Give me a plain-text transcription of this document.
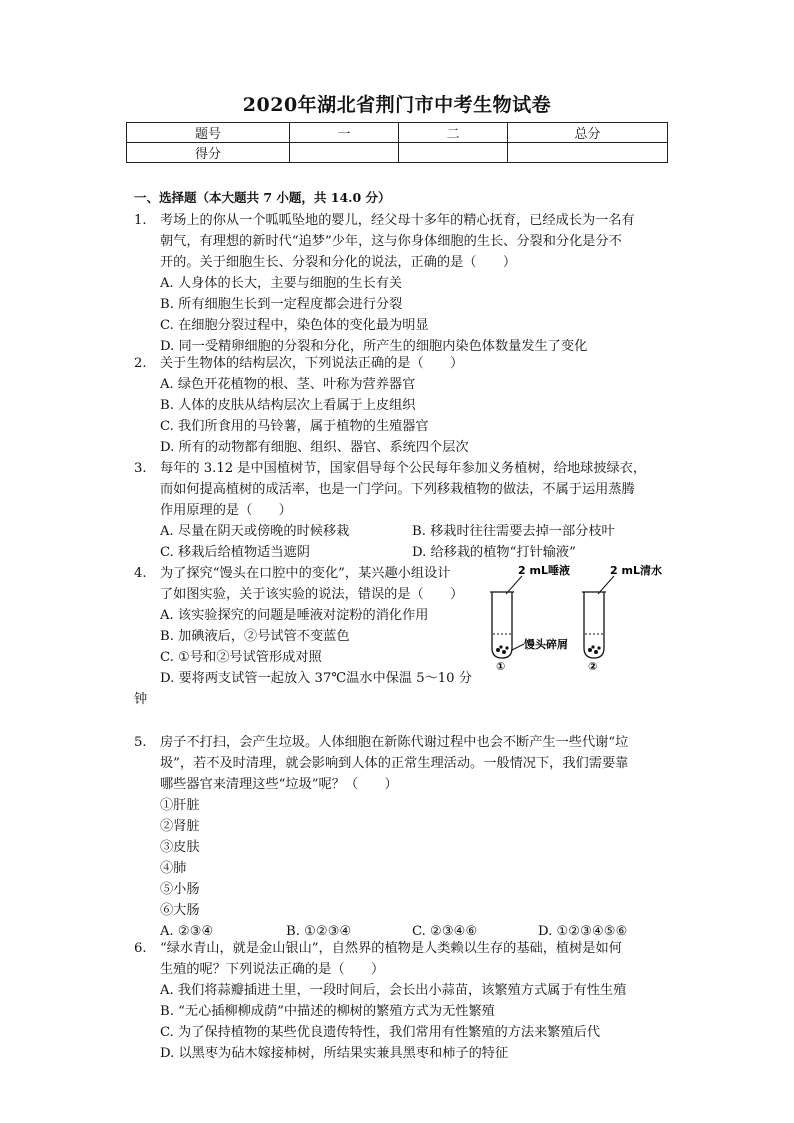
2020年湖北省荆门市中考生物试卷
题号	一	二	总分
得分			
一、选择题（本大题共 7 小题，共 14.0 分）
1.	考场上的你从一个呱呱坠地的婴儿，经父母十多年的精心抚育，已经成长为一名有
朝气，有理想的新时代“追梦”少年，这与你身体细胞的生长、分裂和分化是分不
开的。关于细胞生长、分裂和分化的说法，正确的是（　　）
A. 人身体的长大，主要与细胞的生长有关
B. 所有细胞生长到一定程度都会进行分裂
C. 在细胞分裂过程中，染色体的变化最为明显
D. 同一受精卵细胞的分裂和分化，所产生的细胞内染色体数量发生了变化
2.	关于生物体的结构层次，下列说法正确的是（　　）
A. 绿色开花植物的根、茎、叶称为营养器官
B. 人体的皮肤从结构层次上看属于上皮组织
C. 我们所食用的马铃薯，属于植物的生殖器官
D. 所有的动物都有细胞、组织、器官、系统四个层次
3.	每年的 3.12 是中国植树节，国家倡导每个公民每年参加义务植树，给地球披绿衣，
而如何提高植树的成活率，也是一门学问。下列移栽植物的做法，不属于运用蒸腾
作用原理的是（　　）
A. 尽量在阴天或傍晚的时候移栽	B. 移栽时往往需要去掉一部分枝叶
C. 移栽后给植物适当遮阴	D. 给移栽的植物“打针输液”
4.	为了探究“馒头在口腔中的变化”，某兴趣小组设计
了如图实验，关于该实验的说法，错误的是（　　）
A. 该实验探究的问题是唾液对淀粉的消化作用
B. 加碘液后，②号试管不变蓝色
C. ①号和②号试管形成对照
D. 要将两支试管一起放入 37℃温水中保温 5～10 分
钟
2 mL唾液	2 mL清水
①	②
馒头碎屑
5.	房子不打扫，会产生垃圾。人体细胞在新陈代谢过程中也会不断产生一些代谢“垃
圾”，若不及时清理，就会影响到人体的正常生理活动。一般情况下，我们需要靠
哪些器官来清理这些“垃圾”呢？（　　）
①肝脏
②肾脏
③皮肤
④肺
⑤小肠
⑥大肠
A. ②③④	B. ①②③④	C. ②③④⑥	D. ①②③④⑤⑥
6.	“绿水青山，就是金山银山”，自然界的植物是人类赖以生存的基础，植树是如何
生殖的呢？下列说法正确的是（　　）
A. 我们将蒜瓣插进土里，一段时间后，会长出小蒜苗，该繁殖方式属于有性生殖
B. “无心插柳柳成荫”中描述的柳树的繁殖方式为无性繁殖
C. 为了保持植物的某些优良遗传特性，我们常用有性繁殖的方法来繁殖后代
D. 以黑枣为砧木嫁接柿树，所结果实兼具黑枣和柿子的特征
